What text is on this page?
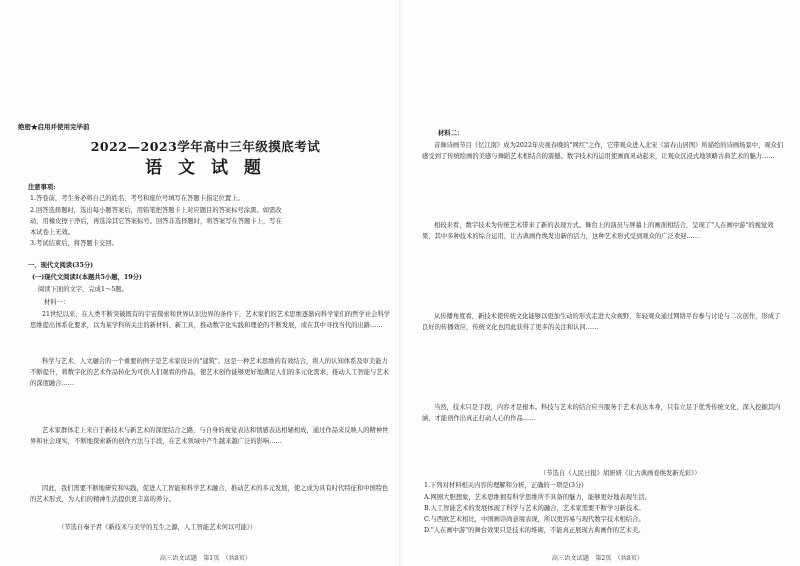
绝密★启用并使用完毕前
2022—2023学年高中三年级摸底考试
语 文 试 题
注意事项:
1.答卷前，考生务必将自己的姓名、考号和座位号填写在答题卡指定位置上。
2.回答选择题时，选出每小题答案后，用铅笔把答题卡上对应题目的答案标号涂黑。如需改
动，用橡皮擦干净后，再选涂其它答案标号。回答非选择题时，将答案写在答题卡上，写在
本试卷上无效。
3.考试结束后，将答题卡交回。
一、现代文阅读(35分)
(一)现代文阅读Ⅰ(本题共5小题，19分)
阅读下面的文字，完成1～5题。
材料一：
21世纪以来，在人类不断突破既有的宇宙探索和世界认识边界的条件下，艺术家们的艺术思维逐渐向科学家们的哲学社会科学思维提出体系化要求，以为某学科所关注的新材料、新工具，推动数字化实践和理论的不断发展，或在其中寻找当代的出路……
科学与艺术、人文融合的一个重要的例子是艺术家设计的"建筑"。这是一种艺术思维的有效结合，将人的认知体系及审美能力不断提升，将数字化的艺术作品转化为可供人们观看的作品，使艺术创作能够更好地满足人们的多元化需求，推动人工智能与艺术的深度融合……
艺术家群体走上来自于新技术与新艺术的深度结合之路，与自身的视觉表达和情感表达相辅相成，通过作品来反映人的精神世界和社会现实，不断地探索新的创作方法与手段，在艺术领域中产生越来越广泛的影响……
因此，我们需要不断地研究和实践，促进人工智能和科学艺术融合，推动艺术的多元发展，使之成为具有时代特征和中国特色的艺术形式，为人们的精神生活提供更丰富的养分。
（节选自秦子君《新技术与美学的互生之源，人工智能艺术何以可能》）
高三语文试题　第1页　（共8页）
材料二：
音舞诗画节目《忆江南》成为2022年央视春晚的"网红"之作，它带观众进入北宋《富春山居图》所描绘的诗画场景中，观众们感受到了传统绘画的美感与舞蹈艺术相结合的震撼。数字技术的运用使画面灵动起来，让观众沉浸式地领略古典艺术的魅力……
相较来看，数字技术为传统艺术带来了新的表现方式。舞台上的演员与屏幕上的画面相结合，呈现了"人在画中游"的视觉效果，其中多种技术的综合运用，让古典画作焕发出新的活力，这种艺术形式受到观众的广泛欢迎……
从传播角度看，新技术使传统文化能够以更加生动的形式走进大众视野，年轻观众通过网络平台参与讨论与二次创作，形成了良好的传播效应，传统文化也因此获得了更多的关注和认同……
当然，技术只是手段，内容才是根本。科技与艺术的结合应当服务于艺术表达本身，只有立足于优秀传统文化，深入挖掘其内涵，才能创作出真正打动人心的作品……
（节选自《人民日报》胡妍妍《让古典画卷焕发新光彩》）
1.下列对材料相关内容的理解和分析，正确的一项是(3分)
A.网剧大胆想象，艺术思维拥有科学思维所不具备的魅力，能够更好地表现生活。
B.人工智能艺术的发展体现了科学与艺术的融合，艺术家需要不断学习新技术。
C.与西欧艺术相比，中国画崇尚意境表现，所以更容易与现代数字技术相结合。
D."人在画中游"的舞台效果只是技术的堆砌，不能真正展现古典画作的艺术美。
高三语文试题　第2页　（共8页）
